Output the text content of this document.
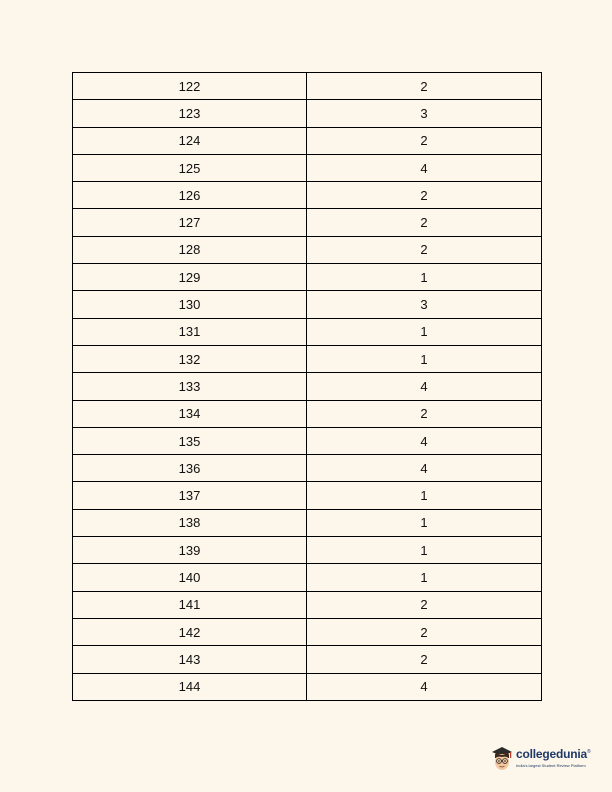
122	2
123	3
124	2
125	4
126	2
127	2
128	2
129	1
130	3
131	1
132	1
133	4
134	2
135	4
136	4
137	1
138	1
139	1
140	1
141	2
142	2
143	2
144	4
collegedunia®
India's largest Student Review Platform
